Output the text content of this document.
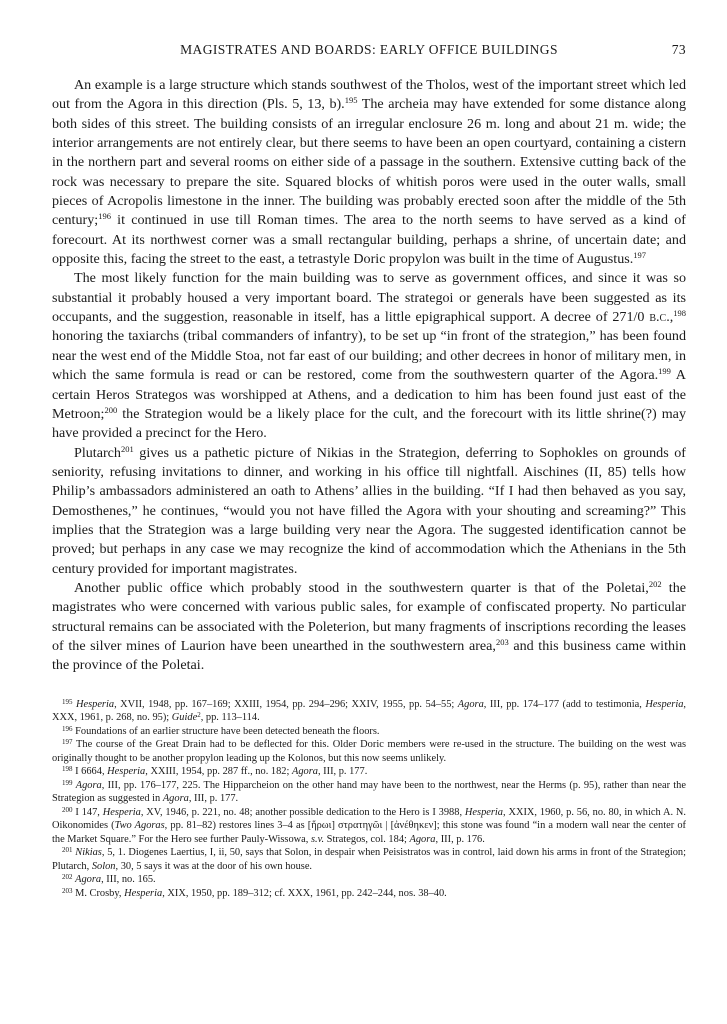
MAGISTRATES AND BOARDS: EARLY OFFICE BUILDINGS	73

An example is a large structure which stands southwest of the Tholos, west of the important street which led out from the Agora in this direction (Pls. 5, 13, b).$^{195}$ The archeia may have extended for some distance along both sides of this street. The building consists of an irregular enclosure 26 m. long and about 21 m. wide; the interior arrangements are not entirely clear, but there seems to have been an open courtyard, containing a cistern in the northern part and several rooms on either side of a passage in the southern. Extensive cutting back of the rock was necessary to prepare the site. Squared blocks of whitish poros were used in the outer walls, small pieces of Acropolis limestone in the inner. The building was probably erected soon after the middle of the 5th century;$^{196}$ it continued in use till Roman times. The area to the north seems to have served as a kind of forecourt. At its northwest corner was a small rectangular building, perhaps a shrine, of uncertain date; and opposite this, facing the street to the east, a tetrastyle Doric propylon was built in the time of Augustus.$^{197}$

The most likely function for the main building was to serve as government offices, and since it was so substantial it probably housed a very important board. The strategoi or generals have been suggested as its occupants, and the suggestion, reasonable in itself, has a little epigraphical support. A decree of 271/0 b.c.,$^{198}$ honoring the taxiarchs (tribal commanders of infantry), to be set up “in front of the strategion,” has been found near the west end of the Middle Stoa, not far east of our building; and other decrees in honor of military men, in which the same formula is read or can be restored, come from the southwestern quarter of the Agora.$^{199}$ A certain Heros Strategos was worshipped at Athens, and a dedication to him has been found just east of the Metroon;$^{200}$ the Strategion would be a likely place for the cult, and the forecourt with its little shrine(?) may have provided a precinct for the Hero.

Plutarch$^{201}$ gives us a pathetic picture of Nikias in the Strategion, deferring to Sophokles on grounds of seniority, refusing invitations to dinner, and working in his office till nightfall. Aischines (II, 85) tells how Philip’s ambassadors administered an oath to Athens’ allies in the building. “If I had then behaved as you say, Demosthenes,” he continues, “would you not have filled the Agora with your shouting and screaming?” This implies that the Strategion was a large building very near the Agora. The suggested identification cannot be proved; but perhaps in any case we may recognize the kind of accommodation which the Athenians in the 5th century provided for important magistrates.

Another public office which probably stood in the southwestern quarter is that of the Poletai,$^{202}$ the magistrates who were concerned with various public sales, for example of confiscated property. No particular structural remains can be associated with the Poleterion, but many fragments of inscriptions recording the leases of the silver mines of Laurion have been unearthed in the southwestern area,$^{203}$ and this business came within the province of the Poletai.

$^{195}$ Hesperia, XVII, 1948, pp. 167–169; XXIII, 1954, pp. 294–296; XXIV, 1955, pp. 54–55; Agora, III, pp. 174–177 (add to testimonia, Hesperia, XXX, 1961, p. 268, no. 95); Guide$^2$, pp. 113–114.

$^{196}$ Foundations of an earlier structure have been detected beneath the floors.

$^{197}$ The course of the Great Drain had to be deflected for this. Older Doric members were re-used in the structure. The building on the west was originally thought to be another propylon leading up the Kolonos, but this now seems unlikely.

$^{198}$ I 6664, Hesperia, XXIII, 1954, pp. 287 ff., no. 182; Agora, III, p. 177.

$^{199}$ Agora, III, pp. 176–177, 225. The Hipparcheion on the other hand may have been to the northwest, near the Herms (p. 95), rather than near the Strategion as suggested in Agora, III, p. 177.

$^{200}$ I 147, Hesperia, XV, 1946, p. 221, no. 48; another possible dedication to the Hero is I 3988, Hesperia, XXIX, 1960, p. 56, no. 80, in which A. N. Oikonomides (Two Agoras, pp. 81–82) restores lines 3–4 as [ἥρωι] στρατηγῶι | [ἀνέθηκεν]; this stone was found “in a modern wall near the center of the Market Square.” For the Hero see further Pauly-Wissowa, s.v. Strategos, col. 184; Agora, III, p. 176.

$^{201}$ Nikias, 5, 1. Diogenes Laertius, I, ii, 50, says that Solon, in despair when Peisistratos was in control, laid down his arms in front of the Strategion; Plutarch, Solon, 30, 5 says it was at the door of his own house.

$^{202}$ Agora, III, no. 165.

$^{203}$ M. Crosby, Hesperia, XIX, 1950, pp. 189–312; cf. XXX, 1961, pp. 242–244, nos. 38–40.
